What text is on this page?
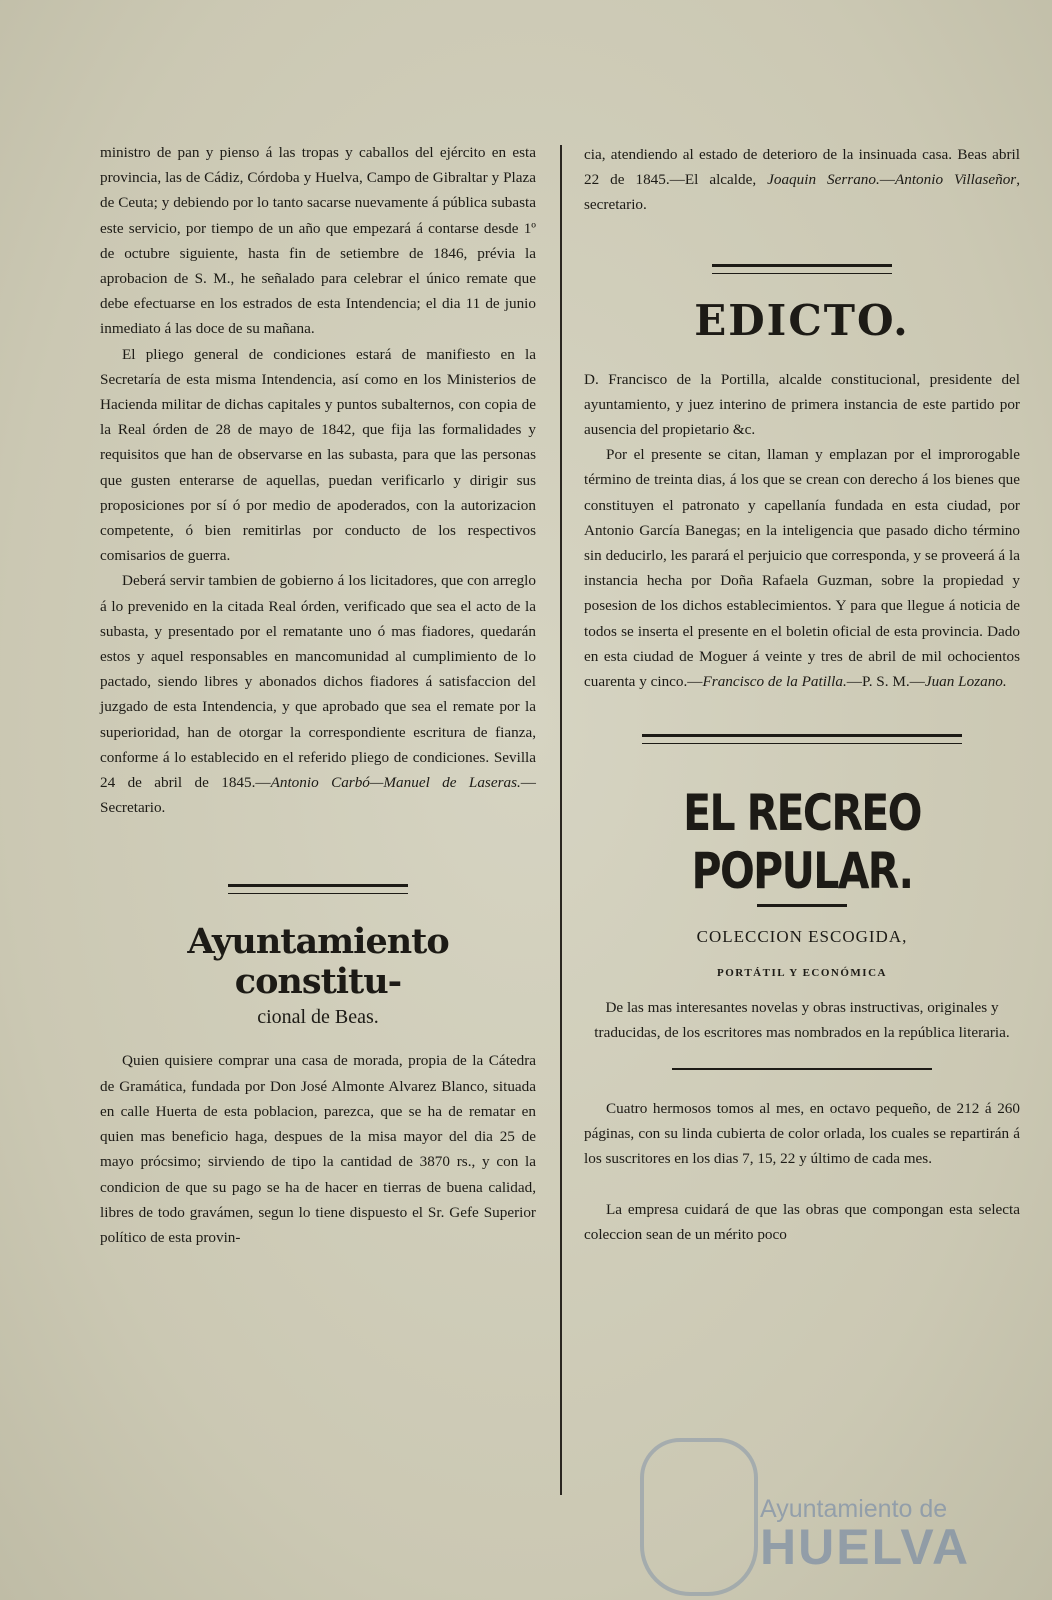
ministro de pan y pienso á las tropas y caballos del ejército en esta provincia, las de Cádiz, Córdoba y Huelva, Campo de Gibraltar y Plaza de Ceuta; y debiendo por lo tanto sacarse nuevamente á pública subasta este servicio, por tiempo de un año que empezará á contarse desde 1º de octubre siguiente, hasta fin de setiembre de 1846, prévia la aprobacion de S. M., he señalado para celebrar el único remate que debe efectuarse en los estrados de esta Intendencia; el dia 11 de junio inmediato á las doce de su mañana.

El pliego general de condiciones estará de manifiesto en la Secretaría de esta misma Intendencia, así como en los Ministerios de Hacienda militar de dichas capitales y puntos subalternos, con copia de la Real órden de 28 de mayo de 1842, que fija las formalidades y requisitos que han de observarse en las subasta, para que las personas que gusten enterarse de aquellas, puedan verificarlo y dirigir sus proposiciones por sí ó por medio de apoderados, con la autorizacion competente, ó bien remitirlas por conducto de los respectivos comisarios de guerra.

Deberá servir tambien de gobierno á los licitadores, que con arreglo á lo prevenido en la citada Real órden, verificado que sea el acto de la subasta, y presentado por el rematante uno ó mas fiadores, quedarán estos y aquel responsables en mancomunidad al cumplimiento de lo pactado, siendo libres y abonados dichos fiadores á satisfaccion del juzgado de esta Intendencia, y que aprobado que sea el remate por la superioridad, han de otorgar la correspondiente escritura de fianza, conforme á lo establecido en el referido pliego de condiciones. Sevilla 24 de abril de 1845.—Antonio Carbó—Manuel de Laseras.—Secretario.

Ayuntamiento constitu-
cional de Beas.

Quien quisiere comprar una casa de morada, propia de la Cátedra de Gramática, fundada por Don José Almonte Alvarez Blanco, situada en calle Huerta de esta poblacion, parezca, que se ha de rematar en quien mas beneficio haga, despues de la misa mayor del dia 25 de mayo prócsimo; sirviendo de tipo la cantidad de 3870 rs., y con la condicion de que su pago se ha de hacer en tierras de buena calidad, libres de todo gravámen, segun lo tiene dispuesto el Sr. Gefe Superior político de esta provin-

cia, atendiendo al estado de deterioro de la insinuada casa. Beas abril 22 de 1845.—El alcalde, Joaquin Serrano.—Antonio Villaseñor, secretario.

EDICTO.

D. Francisco de la Portilla, alcalde constitucional, presidente del ayuntamiento, y juez interino de primera instancia de este partido por ausencia del propietario &c.

Por el presente se citan, llaman y emplazan por el improrogable término de treinta dias, á los que se crean con derecho á los bienes que constituyen el patronato y capellanía fundada en esta ciudad, por Antonio García Banegas; en la inteligencia que pasado dicho término sin deducirlo, les parará el perjuicio que corresponda, y se proveerá á la instancia hecha por Doña Rafaela Guzman, sobre la propiedad y posesion de los dichos establecimientos. Y para que llegue á noticia de todos se inserta el presente en el boletin oficial de esta provincia. Dado en esta ciudad de Moguer á veinte y tres de abril de mil ochocientos cuarenta y cinco.—Francisco de la Patilla.—P. S. M.—Juan Lozano.

EL RECREO POPULAR.
COLECCION ESCOGIDA,
PORTÁTIL Y ECONÓMICA

De las mas interesantes novelas y obras instructivas, originales y traducidas, de los escritores mas nombrados en la república literaria.

Cuatro hermosos tomos al mes, en octavo pequeño, de 212 á 260 páginas, con su linda cubierta de color orlada, los cuales se repartirán á los suscritores en los dias 7, 15, 22 y último de cada mes.

La empresa cuidará de que las obras que compongan esta selecta coleccion sean de un mérito poco

Ayuntamiento de
HUELVA
